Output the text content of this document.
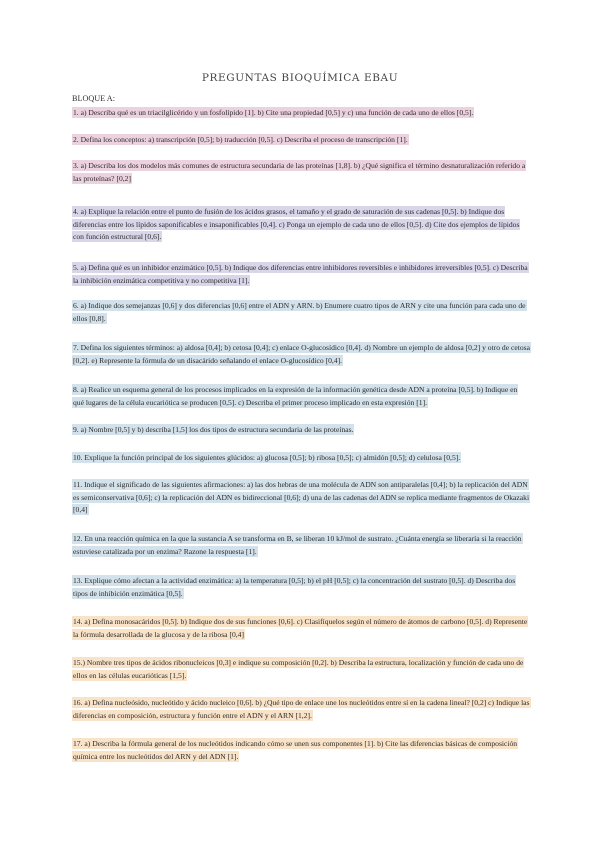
PREGUNTAS BIOQUÍMICA EBAU
BLOQUE A:
1. a) Describa qué es un triacilglicérido y un fosfolípido [1]. b) Cite una propiedad [0,5] y c) una función de cada uno de ellos [0,5].
2. Defina los conceptos: a) transcripción [0,5]; b) traducción [0,5]. c) Describa el proceso de transcripción [1].
3. a) Describa los dos modelos más comunes de estructura secundaria de las proteínas [1,8]. b) ¿Qué significa el término desnaturalización referido a las proteínas? [0,2]
4. a) Explique la relación entre el punto de fusión de los ácidos grasos, el tamaño y el grado de saturación de sus cadenas [0,5]. b) Indique dos diferencias entre los lípidos saponificables e insaponificables [0,4]. c) Ponga un ejemplo de cada uno de ellos [0,5]. d) Cite dos ejemplos de lípidos con función estructural [0,6].
5. a) Defina qué es un inhibidor enzimático [0,5]. b) Indique dos diferencias entre inhibidores reversibles e inhibidores irreversibles [0,5]. c) Describa la inhibición enzimática competitiva y no competitiva [1].
6. a) Indique dos semejanzas [0,6] y dos diferencias [0,6] entre el ADN y ARN. b) Enumere cuatro tipos de ARN y cite una función para cada uno de ellos [0,8].
7. Defina los siguientes términos: a) aldosa [0,4]; b) cetosa [0,4]; c) enlace O-glucosídico [0,4]. d) Nombre un ejemplo de aldosa [0,2] y otro de cetosa [0,2]. e) Represente la fórmula de un disacárido señalando el enlace O-glucosídico [0,4].
8. a) Realice un esquema general de los procesos implicados en la expresión de la información genética desde ADN a proteína [0,5]. b) Indique en qué lugares de la célula eucariótica se producen [0,5]. c) Describa el primer proceso implicado en esta expresión [1].
9. a) Nombre [0,5] y b) describa [1,5] los dos tipos de estructura secundaria de las proteínas.
10. Explique la función principal de los siguientes glúcidos: a) glucosa [0,5]; b) ribosa [0,5]; c) almidón [0,5]; d) celulosa [0,5].
11. Indique el significado de las siguientes afirmaciones: a) las dos hebras de una molécula de ADN son antiparalelas [0,4]; b) la replicación del ADN es semiconservativa [0,6]; c) la replicación del ADN es bidireccional [0,6]; d) una de las cadenas del ADN se replica mediante fragmentos de Okazaki [0,4]
12. En una reacción química en la que la sustancia A se transforma en B, se liberan 10 kJ/mol de sustrato. ¿Cuánta energía se liberaría si la reacción estuviese catalizada por un enzima? Razone la respuesta [1].
13. Explique cómo afectan a la actividad enzimática: a) la temperatura [0,5]; b) el pH [0,5]; c) la concentración del sustrato [0,5]. d) Describa dos tipos de inhibición enzimática [0,5].
14. a) Defina monosacáridos [0,5]. b) Indique dos de sus funciones [0,6]. c) Clasifíquelos según el número de átomos de carbono [0,5]. d) Represente la fórmula desarrollada de la glucosa y de la ribosa [0,4]
15.) Nombre tres tipos de ácidos ribonucleicos [0,3] e indique su composición [0,2]. b) Describa la estructura, localización y función de cada uno de ellos en las células eucarióticas [1,5].
16. a) Defina nucleósido, nucleótido y ácido nucleico [0,6]. b) ¿Qué tipo de enlace une los nucleótidos entre sí en la cadena lineal? [0,2] c) Indique las diferencias en composición, estructura y función entre el ADN y el ARN [1,2].
17. a) Describa la fórmula general de los nucleótidos indicando cómo se unen sus componentes [1]. b) Cite las diferencias básicas de composición química entre los nucleótidos del ARN y del ADN [1].
